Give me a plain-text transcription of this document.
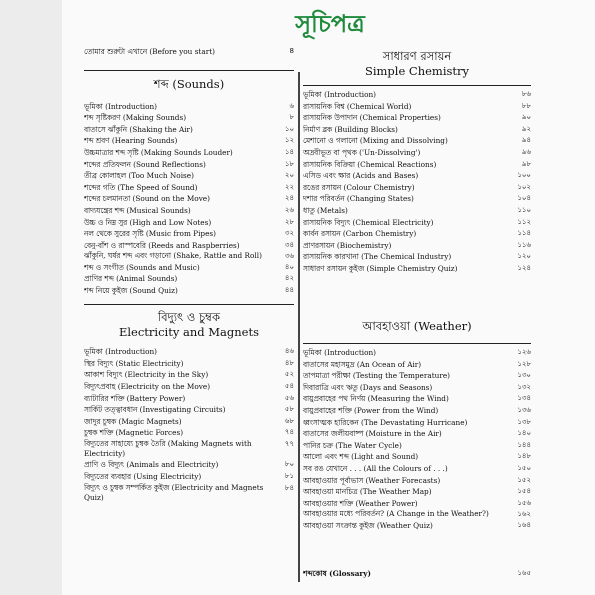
সূচিপত্র
তোমার শুরুটা এখানে (Before you start)	8
শব্দ (Sounds)
ভূমিকা (Introduction)	৬
শব্দ সৃষ্টিকরণ (Making Sounds)	৮
বাতাসে ঝাঁকুনি (Shaking the Air)	১০
শব্দ শ্রবণ (Hearing Sounds)	১২
উচ্চমাত্রার শব্দ সৃষ্টি (Making Sounds Louder)	১৪
শব্দের প্রতিফলন (Sound Reflections)	১৮
তীব্র কোলাহল (Too Much Noise)	২০
শব্দের গতি (The Speed of Sound)	২২
শব্দের চলমানতা (Sound on the Move)	২৪
বাদ্যযন্ত্রের শব্দ (Musical Sounds)	২৬
উচ্চ ও নিম্ন সুর (High and Low Notes)	২৮
নল থেকে সুরের সৃষ্টি (Music from Pipes)	৩২
বেনু-বাঁশ ও রাস্পবেরি (Reeds and Raspberries)	৩৪
ঝাঁকুনি, ঘর্ষর শব্দ এবং গড়ানো (Shake, Rattle and Roll)	৩৬
শব্দ ও সংগীত (Sounds and Music)	৪০
প্রাণির শব্দ (Animal Sounds)	৪২
শব্দ নিয়ে কুইজ (Sound Quiz)	৪৪
বিদ্যুৎ ও চুম্বক
Electricity and Magnets
ভূমিকা (Introduction)	৪৬
স্থির বিদ্যুৎ (Static Electricity)	৪৮
আকাশ বিদ্যুৎ (Electricity in the Sky)	৫২
বিদ্যুৎপ্রবাহ (Electricity on the Move)	৫৪
ব্যাটারির শক্তি (Battery Power)	৫৬
সার্কিট তত্ত্বাবধান (Investigating Circuits)	৫৮
জাদুর চুম্বক (Magic Magnets)	৬৮
চুম্বক শক্তি (Magnetic Forces)	৭৪
বিদ্যুতের সাহায্যে চুম্বক তৈরি (Making Magnets with Electricity)
৭৭
প্রাণি ও বিদ্যুৎ (Animals and Electricity)	৮০
বিদ্যুতের ব্যবহার (Using Electricity)	৮১
বিদ্যুৎ ও চুম্বক সম্পর্কিত কুইজ (Electricity and Magnets Quiz)
৮৪
সাধারণ রসায়ন
Simple Chemistry
ভূমিকা (Introduction)	৮৬
রাসায়নিক বিশ্ব (Chemical World)	৮৮
রাসায়নিক উপাদান (Chemical Properties)	৯০
নির্মাণ ব্লক (Building Blocks)	৯২
মেশানো ও গলানো (Mixing and Dissolving)	৯৪
অদ্রবীভূত বা পৃথক ('Un-Dissolving')	৯৬
রাসায়নিক বিক্রিয়া (Chemical Reactions)	৯৮
এসিড এবং ক্ষার (Acids and Bases)	১০০
রঙের রসায়ন (Colour Chemistry)	১০২
দশার পরিবর্তন (Changing States)	১০৪
ধাতু (Metals)	১১০
রাসায়নিক বিদ্যুৎ (Chemical Electricity)	১১২
কার্বন রসায়ন (Carbon Chemistry)	১১৪
প্রাণরসায়ন (Biochemistry)	১১৬
রাসায়নিক কারখানা (The Chemical Industry)	১২০
সাধারণ রসায়ন কুইজ (Simple Chemistry Quiz)	১২৪
আবহাওয়া (Weather)
ভূমিকা (Introduction)	১২৬
বাতাসের মহাসমুদ্র (An Ocean of Air)	১২৮
তাপমাত্রা পরীক্ষা (Testing the Temperature)	১৩০
দিবারাত্রি এবং ঋতু (Days and Seasons)	১৩২
বায়ুপ্রবাহের পথ নির্ণয় (Measuring the Wind)	১৩৪
বায়ুপ্রবাহের শক্তি (Power from the Wind)	১৩৬
ধ্বংসাত্মক হারিকেন (The Devastating Hurricane)	১৩৮
বাতাসের জলীয়বাষ্প (Moisture in the Air)	১৪০
পানির চক্র (The Water Cycle)	১৪৪
আলো এবং শব্দ (Light and Sound)	১৪৮
সব রঙ যেখানে . . . (All the Colours of . . .)	১৫০
আবহাওয়ার পূর্বাভাস (Weather Forecasts)	১৫২
আবহাওয়া মানচিত্র (The Weather Map)	১৫৪
আবহাওয়ার শক্তি (Weather Power)	১৫৬
আবহাওয়ার মধ্যে পরিবর্তন? (A Change in the Weather?)	১৬২
আবহাওয়া সংক্রান্ত কুইজ (Weather Quiz)	১৬৪
শব্দকোষ (Glossary)	১৬৫
